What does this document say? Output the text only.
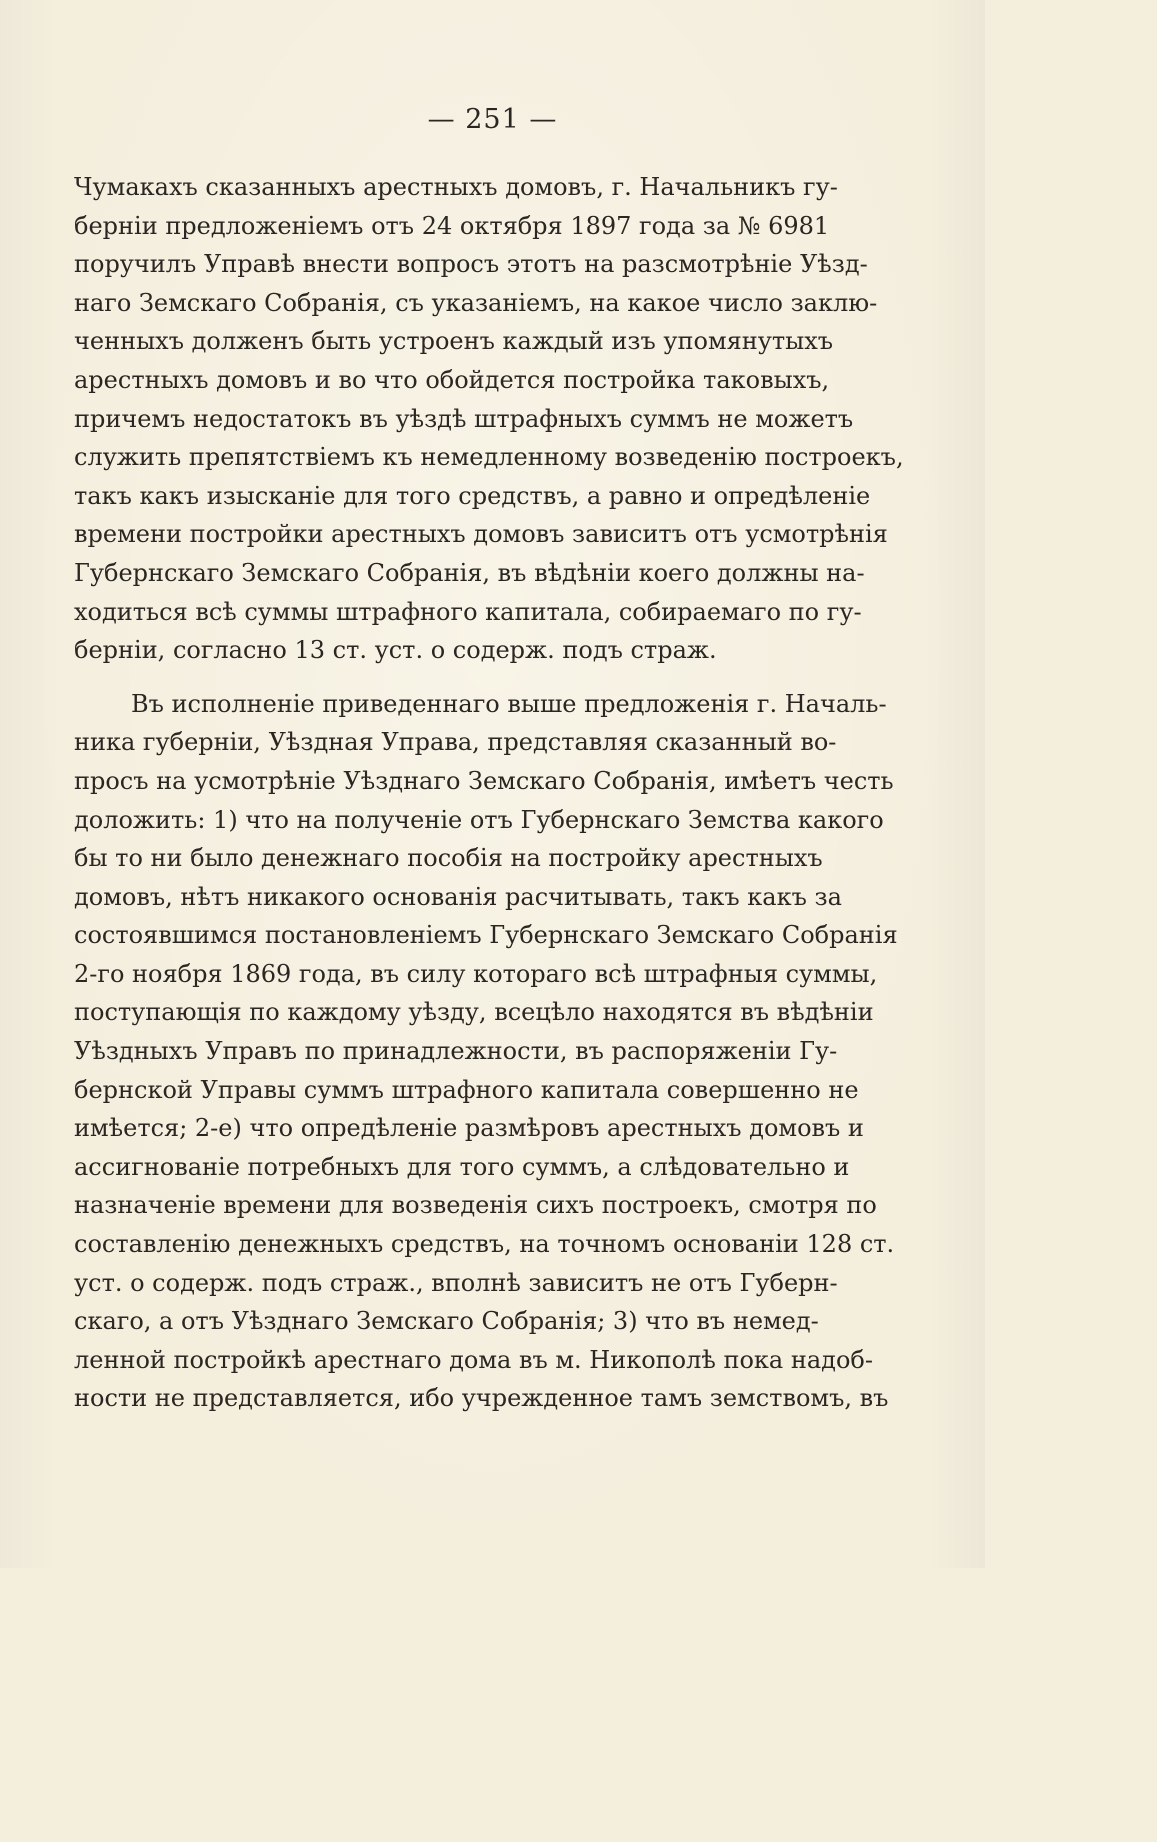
— 251 —

Чумакахъ сказанныхъ арестныхъ домовъ, г. Начальникъ гу-
берніи предложеніемъ отъ 24 октября 1897 года за № 6981
поручилъ Управѣ внести вопросъ этотъ на разсмотрѣніе Уѣзд-
наго Земскаго Собранія, съ указаніемъ, на какое число заклю-
ченныхъ долженъ быть устроенъ каждый изъ упомянутыхъ
арестныхъ домовъ и во что обойдется постройка таковыхъ,
причемъ недостатокъ въ уѣздѣ штрафныхъ суммъ не можетъ
служить препятствіемъ къ немедленному возведенію построекъ,
такъ какъ изысканіе для того средствъ, а равно и опредѣленіе
времени постройки арестныхъ домовъ зависитъ отъ усмотрѣнія
Губернскаго Земскаго Собранія, въ вѣдѣніи коего должны на-
ходиться всѣ суммы штрафного капитала, собираемаго по гу-
берніи, согласно 13 ст. уст. о содерж. подъ страж.
Въ исполненіе приведеннаго выше предложенія г. Началь-
ника губерніи, Уѣздная Управа, представляя сказанный во-
просъ на усмотрѣніе Уѣзднаго Земскаго Собранія, имѣетъ честь
доложить: 1) что на полученіе отъ Губернскаго Земства какого
бы то ни было денежнаго пособія на постройку арестныхъ
домовъ, нѣтъ никакого основанія расчитывать, такъ какъ за
состоявшимся постановленіемъ Губернскаго Земскаго Собранія
2-го ноября 1869 года, въ силу котораго всѣ штрафныя суммы,
поступающія по каждому уѣзду, всецѣло находятся въ вѣдѣніи
Уѣздныхъ Управъ по принадлежности, въ распоряженіи Гу-
бернской Управы суммъ штрафного капитала совершенно не
имѣется; 2-е) что опредѣленіе размѣровъ арестныхъ домовъ и
ассигнованіе потребныхъ для того суммъ, а слѣдовательно и
назначеніе времени для возведенія сихъ построекъ, смотря по
составленію денежныхъ средствъ, на точномъ основаніи 128 ст.
уст. о содерж. подъ страж., вполнѣ зависитъ не отъ Губерн-
скаго, а отъ Уѣзднаго Земскаго Собранія; 3) что въ немед-
ленной постройкѣ арестнаго дома въ м. Никополѣ пока надоб-
ности не представляется, ибо учрежденное тамъ земствомъ, въ
